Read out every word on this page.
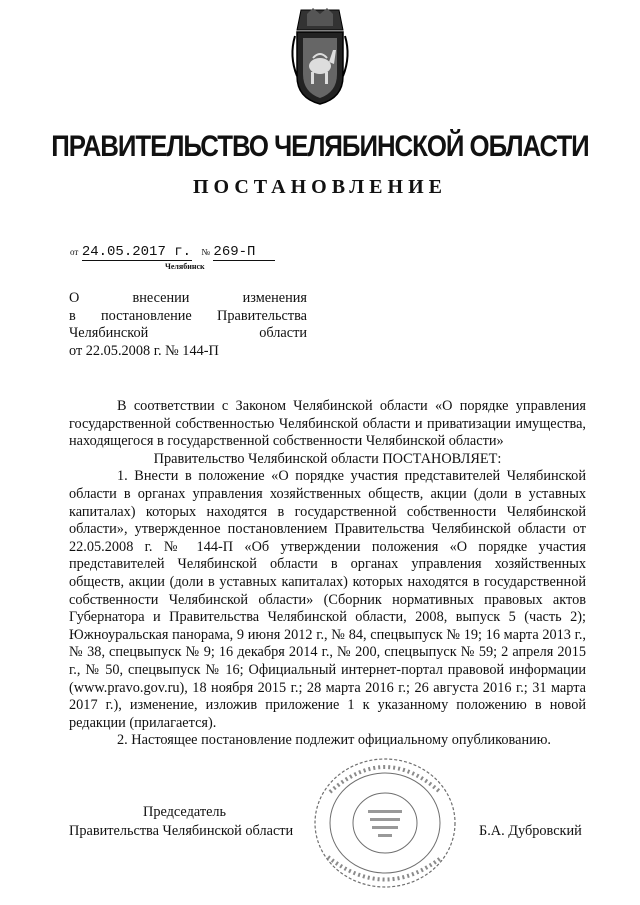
ПРАВИТЕЛЬСТВО ЧЕЛЯБИНСКОЙ ОБЛАСТИ
ПОСТАНОВЛЕНИЕ
от 24.05.2017 г. № 269-П
Челябинск
О внесении изменения
в постановление Правительства
Челябинской области
от 22.05.2008 г. № 144-П

В соответствии с Законом Челябинской области «О порядке управления государственной собственностью Челябинской области и приватизации имущества, находящегося в государственной собственности Челябинской области»

Правительство Челябинской области ПОСТАНОВЛЯЕТ:

1. Внести в положение «О порядке участия представителей Челябинской области в органах управления хозяйственных обществ, акции (доли в уставных капиталах) которых находятся в государственной собственности Челябинской области», утвержденное постановлением Правительства Челябинской области от 22.05.2008 г. № 144-П «Об утверждении положения «О порядке участия представителей Челябинской области в органах управления хозяйственных обществ, акции (доли в уставных капиталах) которых находятся в государственной собственности Челябинской области» (Сборник нормативных правовых актов Губернатора и Правительства Челябинской области, 2008, выпуск 5 (часть 2); Южноуральская панорама, 9 июня 2012 г., № 84, спецвыпуск № 19; 16 марта 2013 г., № 38, спецвыпуск № 9; 16 декабря 2014 г., № 200, спецвыпуск № 59; 2 апреля 2015 г., № 50, спецвыпуск № 16; Официальный интернет-портал правовой информации (www.pravo.gov.ru), 18 ноября 2015 г.; 28 марта 2016 г.; 26 августа 2016 г.; 31 марта 2017 г.), изменение, изложив приложение 1 к указанному положению в новой редакции (прилагается).

2. Настоящее постановление подлежит официальному опубликованию.

Председатель
Правительства Челябинской области	Б.А. Дубровский
